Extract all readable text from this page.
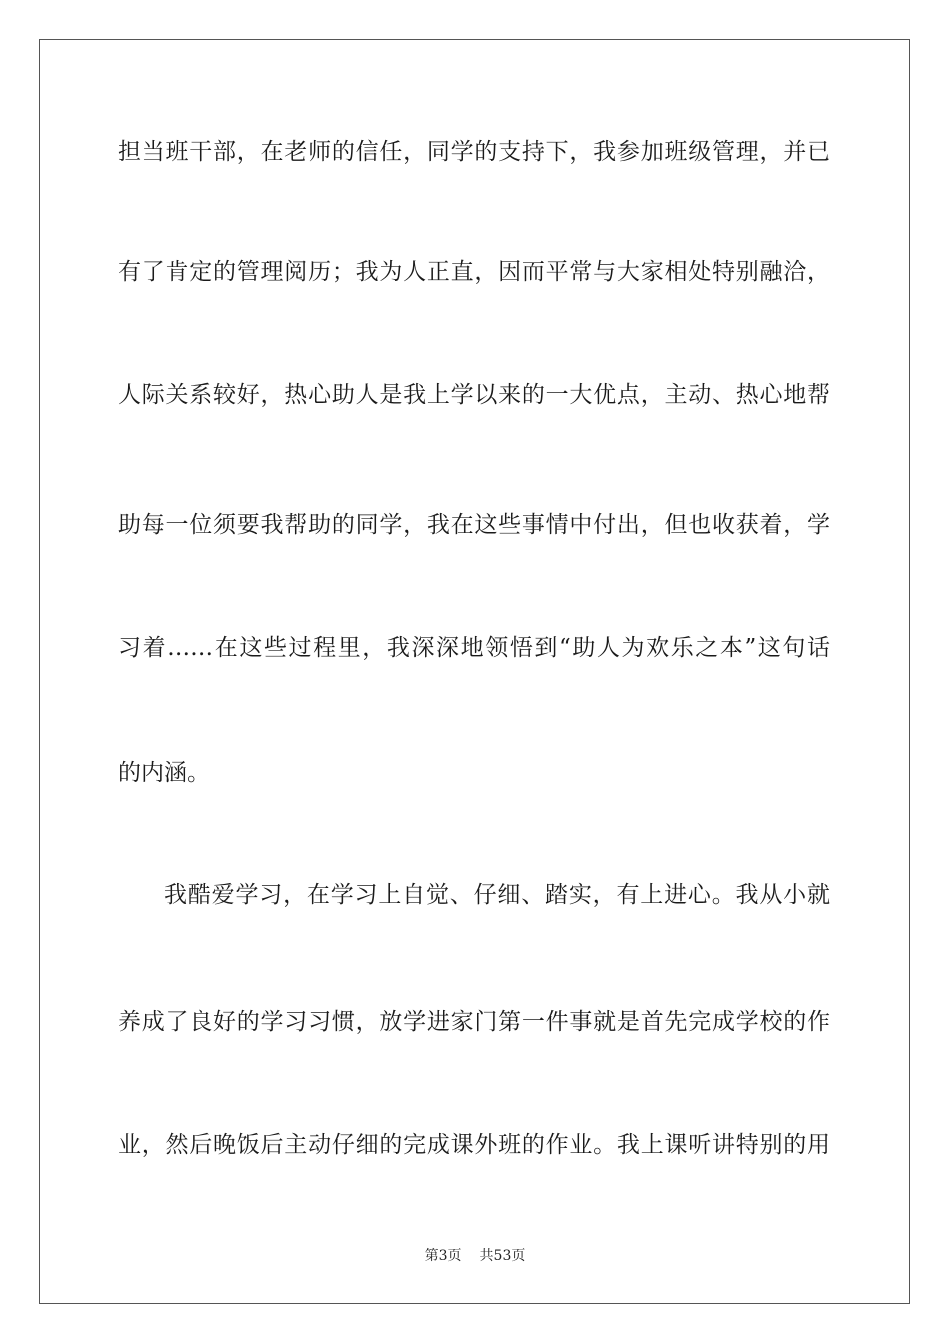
担当班干部，在老师的信任，同学的支持下，我参加班级管理，并已
有了肯定的管理阅历；我为人正直，因而平常与大家相处特别融洽，
人际关系较好，热心助人是我上学以来的一大优点，主动、热心地帮
助每一位须要我帮助的同学，我在这些事情中付出，但也收获着，学
习着……在这些过程里，我深深地领悟到“助人为欢乐之本”这句话
的内涵。
我酷爱学习，在学习上自觉、仔细、踏实，有上进心。我从小就
养成了良好的学习习惯，放学进家门第一件事就是首先完成学校的作
业，然后晚饭后主动仔细的完成课外班的作业。我上课听讲特别的用
第3页 共53页
